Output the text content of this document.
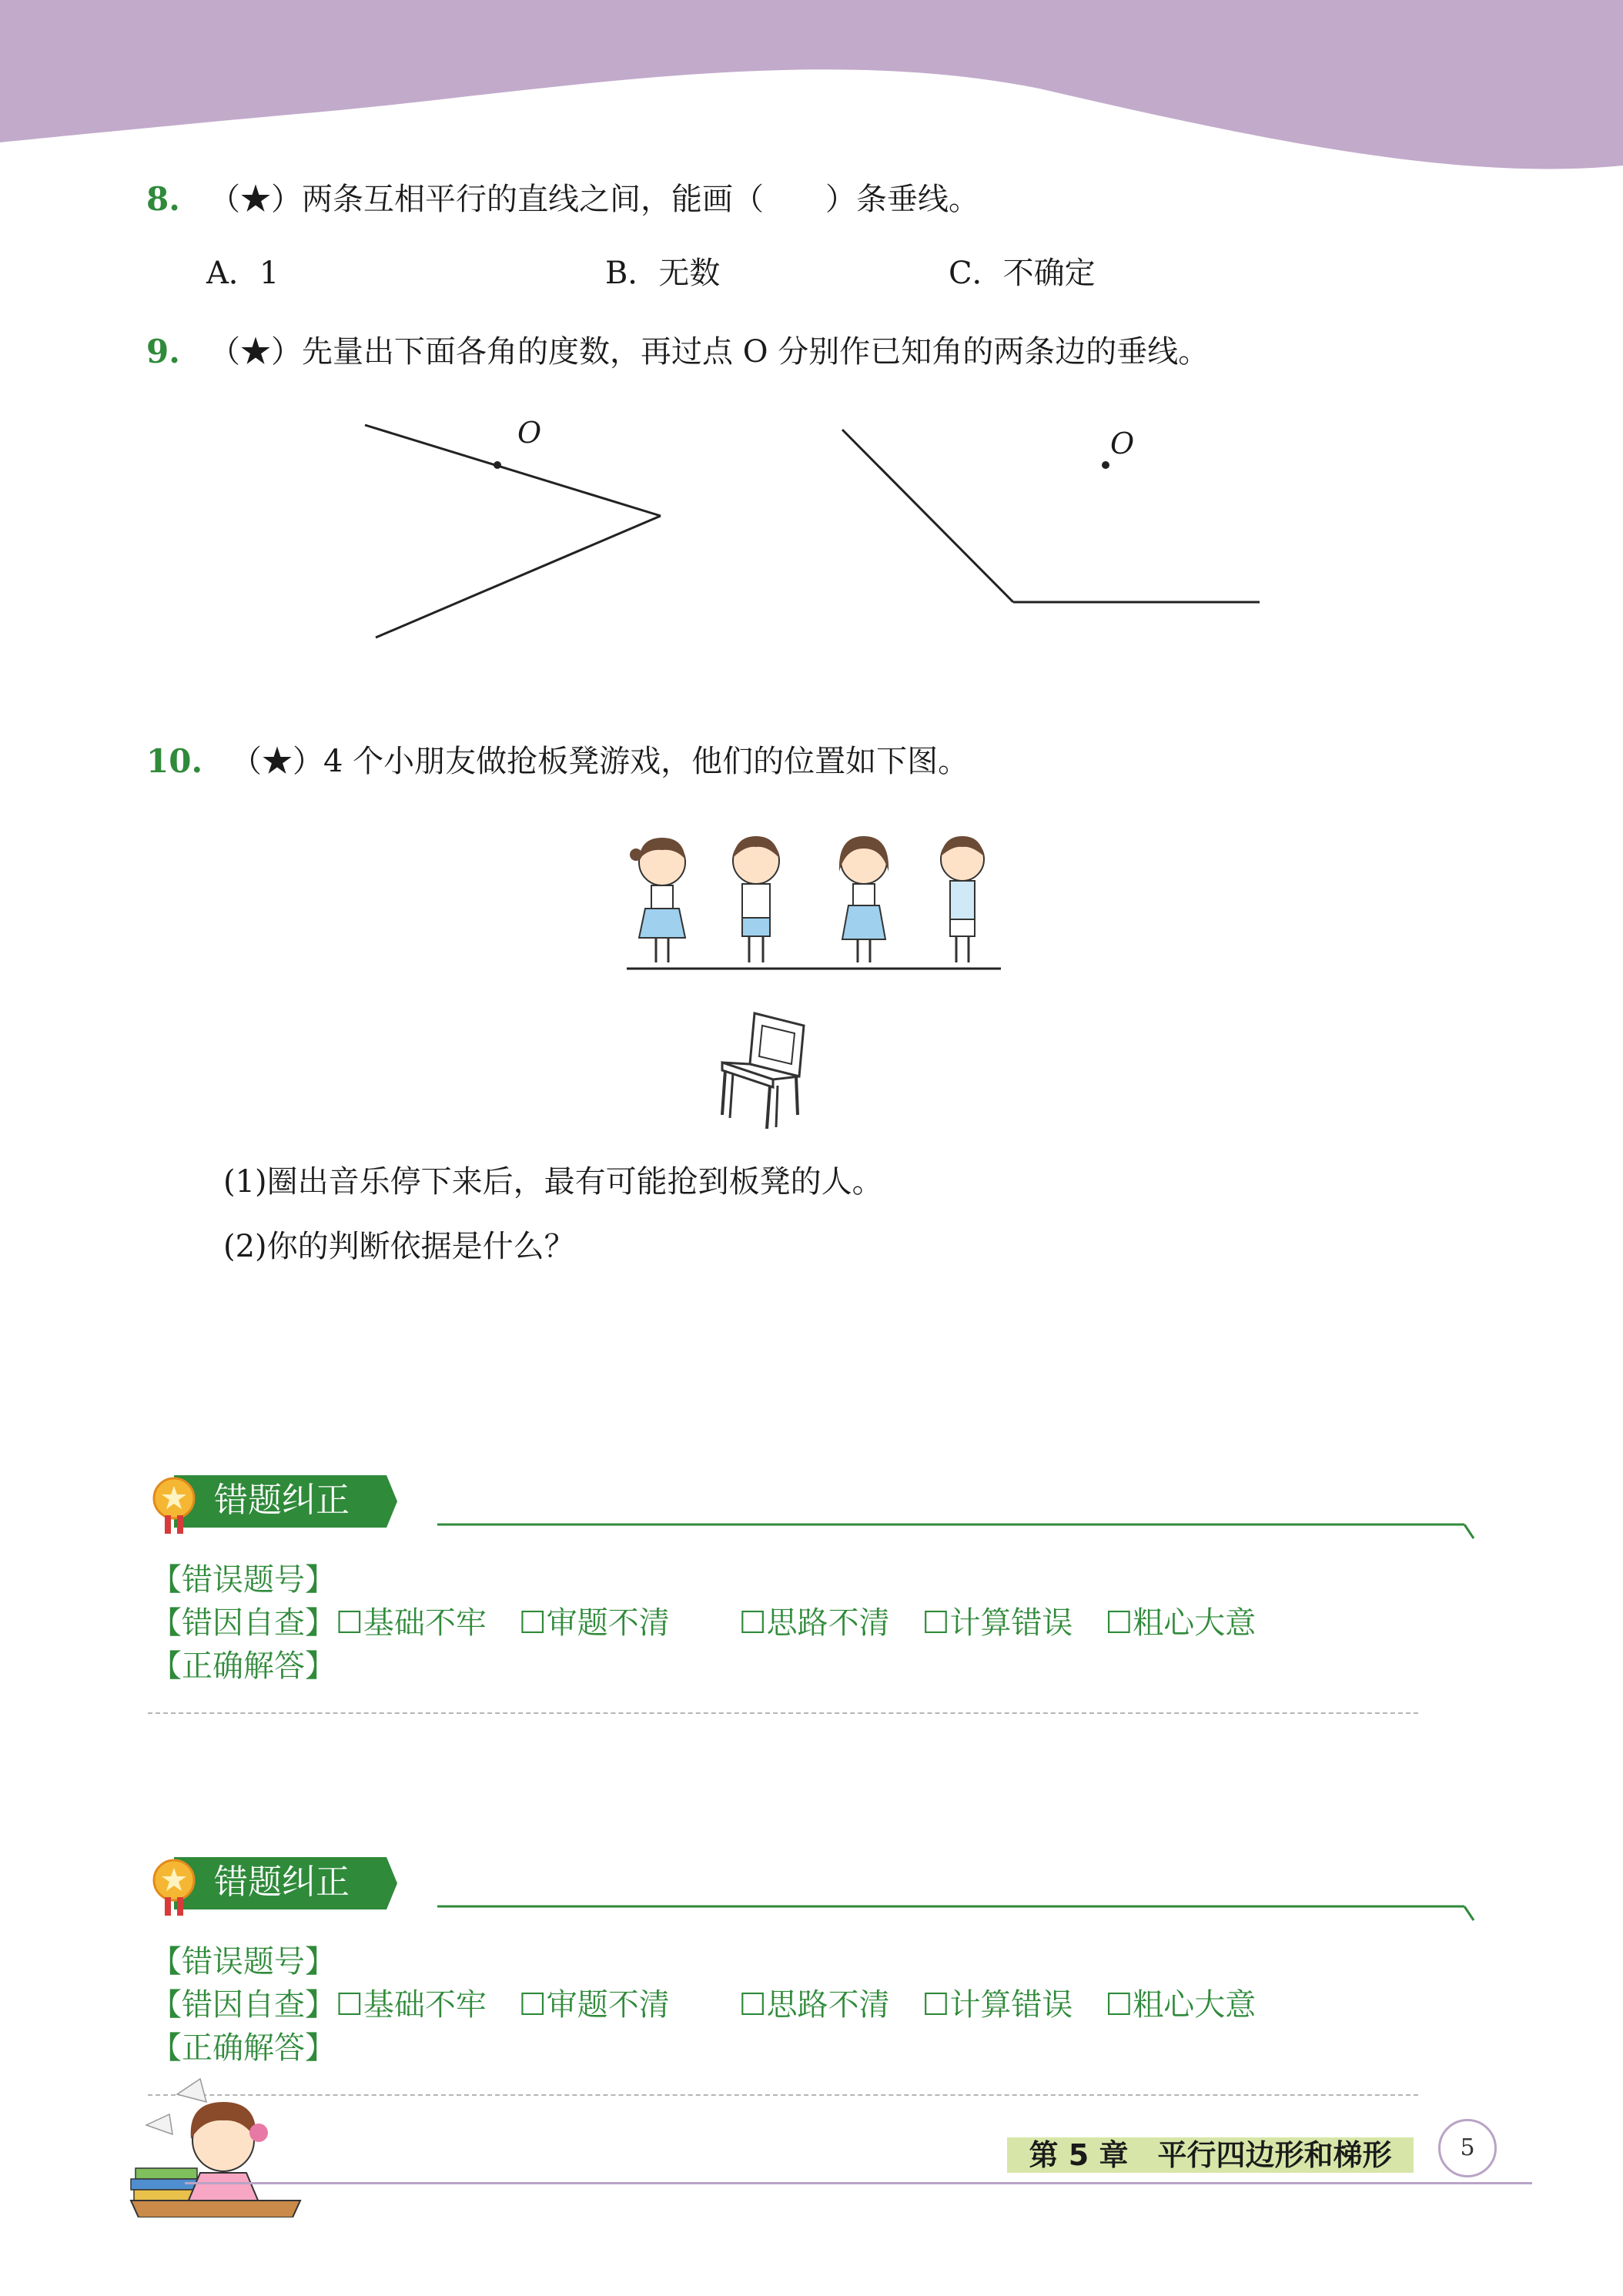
8. （★）两条互相平行的直线之间，能画（　　）条垂线。
A．1	B．无数	C．不确定
9. （★）先量出下面各角的度数，再过点 O 分别作已知角的两条边的垂线。
O	O
10. （★）4 个小朋友做抢板凳游戏，他们的位置如下图。
(1)圈出音乐停下来后，最有可能抢到板凳的人。
(2)你的判断依据是什么？
错题纠正
【错误题号】
【错因自查】☐基础不牢 ☐审题不清 ☐思路不清 ☐计算错误 ☐粗心大意
【正确解答】
错题纠正
【错误题号】
【错因自查】☐基础不牢 ☐审题不清 ☐思路不清 ☐计算错误 ☐粗心大意
【正确解答】
第 5 章　平行四边形和梯形	5
